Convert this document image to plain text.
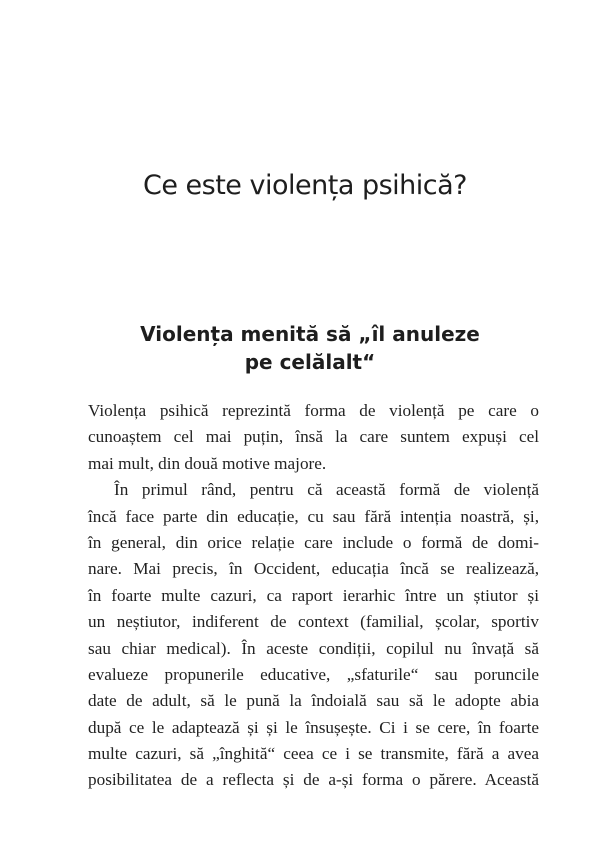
Ce este violența psihică?
Violența menită să „îl anuleze
pe celălalt“
Violența psihică reprezintă forma de violență pe care o
cunoaștem cel mai puțin, însă la care suntem expuși cel
mai mult, din două motive majore.
În primul rând, pentru că această formă de violență
încă face parte din educație, cu sau fără intenția noastră, și,
în general, din orice relație care include o formă de domi-
nare. Mai precis, în Occident, educația încă se realizează,
în foarte multe cazuri, ca raport ierarhic între un știutor și
un neștiutor, indiferent de context (familial, școlar, sportiv
sau chiar medical). În aceste condiții, copilul nu învață să
evalueze propunerile educative, „sfaturile“ sau poruncile
date de adult, să le pună la îndoială sau să le adopte abia
după ce le adaptează și și le însușește. Ci i se cere, în foarte
multe cazuri, să „înghită“ ceea ce i se transmite, fără a avea
posibilitatea de a reflecta și de a-și forma o părere. Această
